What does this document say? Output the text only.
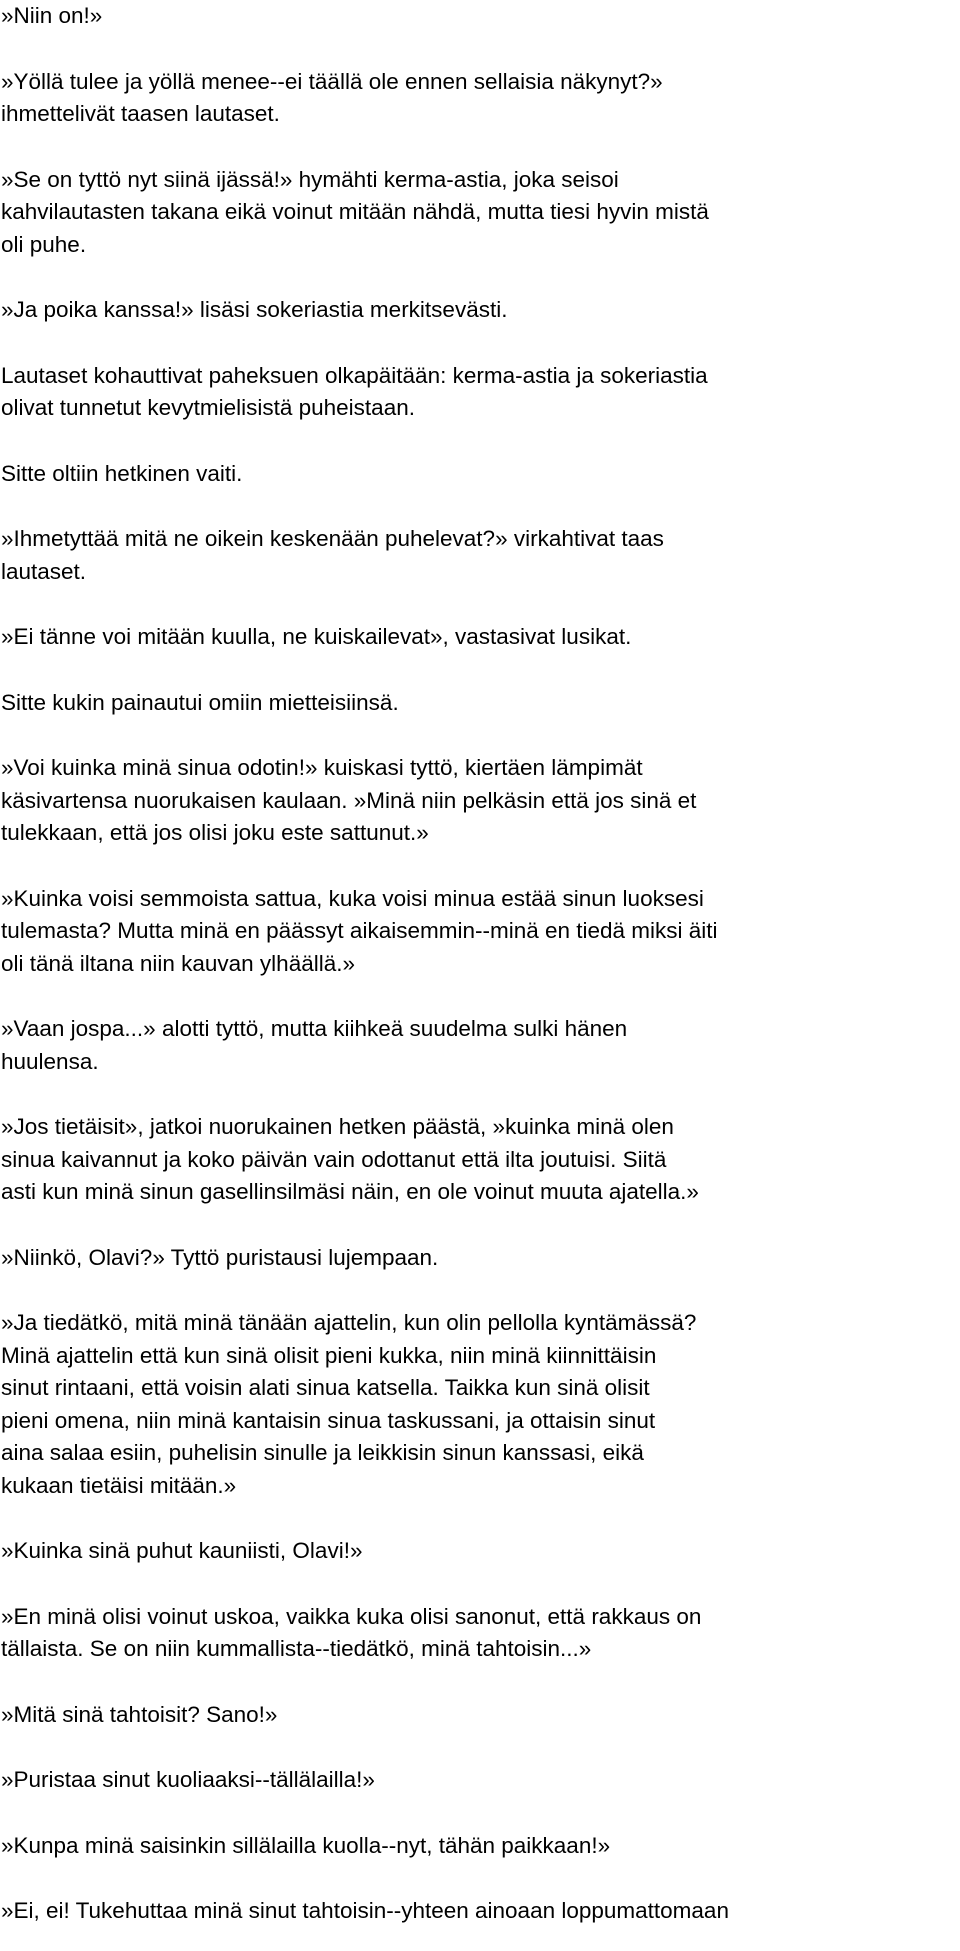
»Niin on!»

»Yöllä tulee ja yöllä menee--ei täällä ole ennen sellaisia näkynyt?»
ihmettelivät taasen lautaset.

»Se on tyttö nyt siinä ijässä!» hymähti kerma-astia, joka seisoi
kahvilautasten takana eikä voinut mitään nähdä, mutta tiesi hyvin mistä
oli puhe.

»Ja poika kanssa!» lisäsi sokeriastia merkitsevästi.

Lautaset kohauttivat paheksuen olkapäitään: kerma-astia ja sokeriastia
olivat tunnetut kevytmielisistä puheistaan.

Sitte oltiin hetkinen vaiti.

»Ihmetyttää mitä ne oikein keskenään puhelevat?» virkahtivat taas
lautaset.

»Ei tänne voi mitään kuulla, ne kuiskailevat», vastasivat lusikat.

Sitte kukin painautui omiin mietteisiinsä.

»Voi kuinka minä sinua odotin!» kuiskasi tyttö, kiertäen lämpimät
käsivartensa nuorukaisen kaulaan. »Minä niin pelkäsin että jos sinä et
tulekkaan, että jos olisi joku este sattunut.»

»Kuinka voisi semmoista sattua, kuka voisi minua estää sinun luoksesi
tulemasta? Mutta minä en päässyt aikaisemmin--minä en tiedä miksi äiti
oli tänä iltana niin kauvan ylhäällä.»

»Vaan jospa...» alotti tyttö, mutta kiihkeä suudelma sulki hänen
huulensa.

»Jos tietäisit», jatkoi nuorukainen hetken päästä, »kuinka minä olen
sinua kaivannut ja koko päivän vain odottanut että ilta joutuisi. Siitä
asti kun minä sinun gasellinsilmäsi näin, en ole voinut muuta ajatella.»

»Niinkö, Olavi?» Tyttö puristausi lujempaan.

»Ja tiedätkö, mitä minä tänään ajattelin, kun olin pellolla kyntämässä?
Minä ajattelin että kun sinä olisit pieni kukka, niin minä kiinnittäisin
sinut rintaani, että voisin alati sinua katsella. Taikka kun sinä olisit
pieni omena, niin minä kantaisin sinua taskussani, ja ottaisin sinut
aina salaa esiin, puhelisin sinulle ja leikkisin sinun kanssasi, eikä
kukaan tietäisi mitään.»

»Kuinka sinä puhut kauniisti, Olavi!»

»En minä olisi voinut uskoa, vaikka kuka olisi sanonut, että rakkaus on
tällaista. Se on niin kummallista--tiedätkö, minä tahtoisin...»

»Mitä sinä tahtoisit? Sano!»

»Puristaa sinut kuoliaaksi--tällälailla!»

»Kunpa minä saisinkin sillälailla kuolla--nyt, tähän paikkaan!»

»Ei, ei! Tukehuttaa minä sinut tahtoisin--yhteen ainoaan loppumattomaan
